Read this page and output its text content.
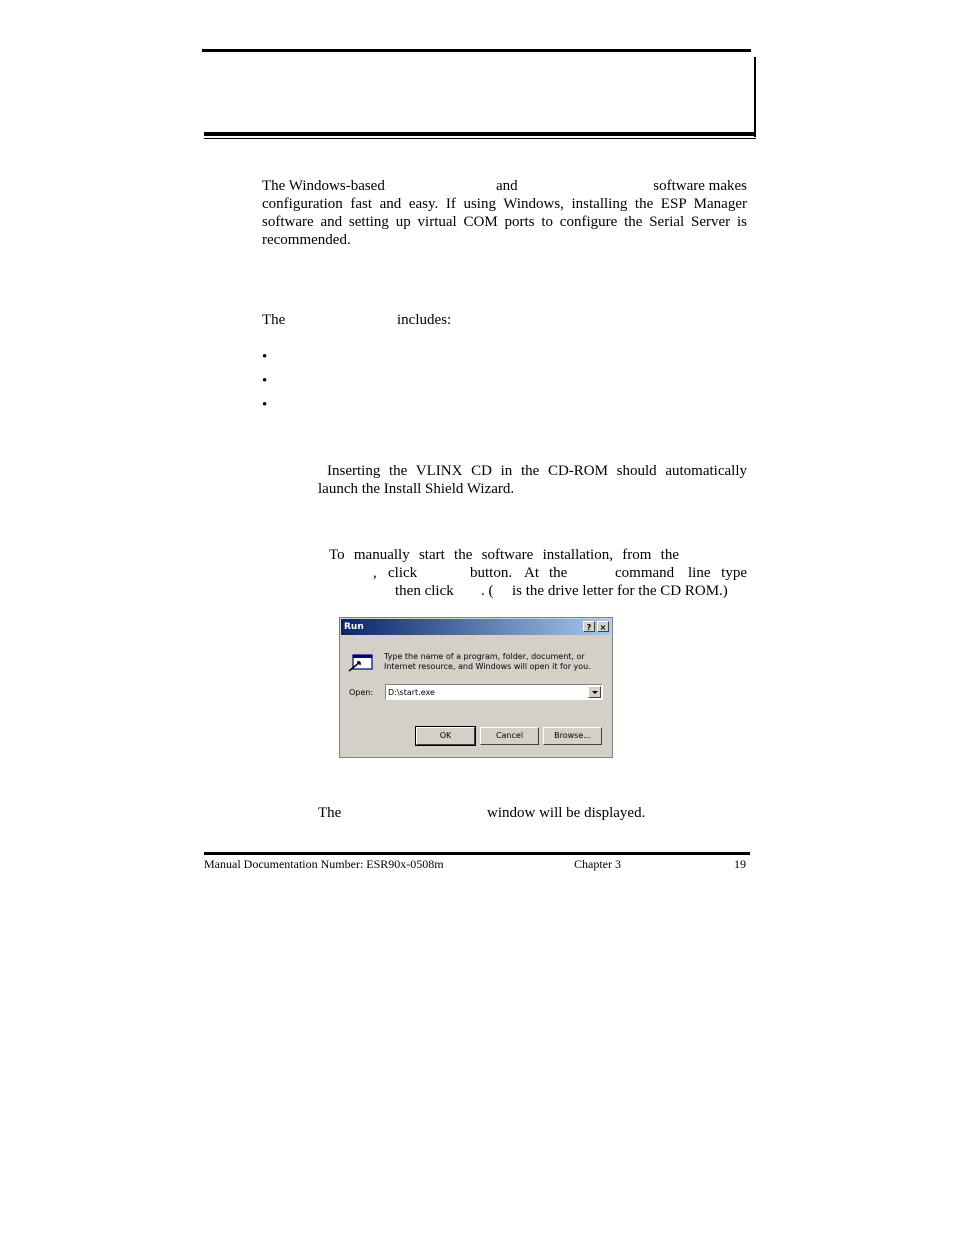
The Windows-based	and	software makes
configuration fast and easy. If using Windows, installing the ESP Manager
software and setting up virtual COM ports to configure the Serial Server is
recommended.
The	includes:
•
•
•
Inserting the VLINX CD in the CD-ROM should automatically
launch the Install Shield Wizard.
To manually start the software installation, from the
, click	button. At the	command line type
then click . ( is the drive letter for the CD ROM.)
Run	?	×
Type the name of a program, folder, document, or Internet resource, and Windows will open it for you.
Open:
D:\start.exe
OK	Cancel	Browse...
The	window will be displayed.
Manual Documentation Number: ESR90x-0508m	Chapter 3	19
